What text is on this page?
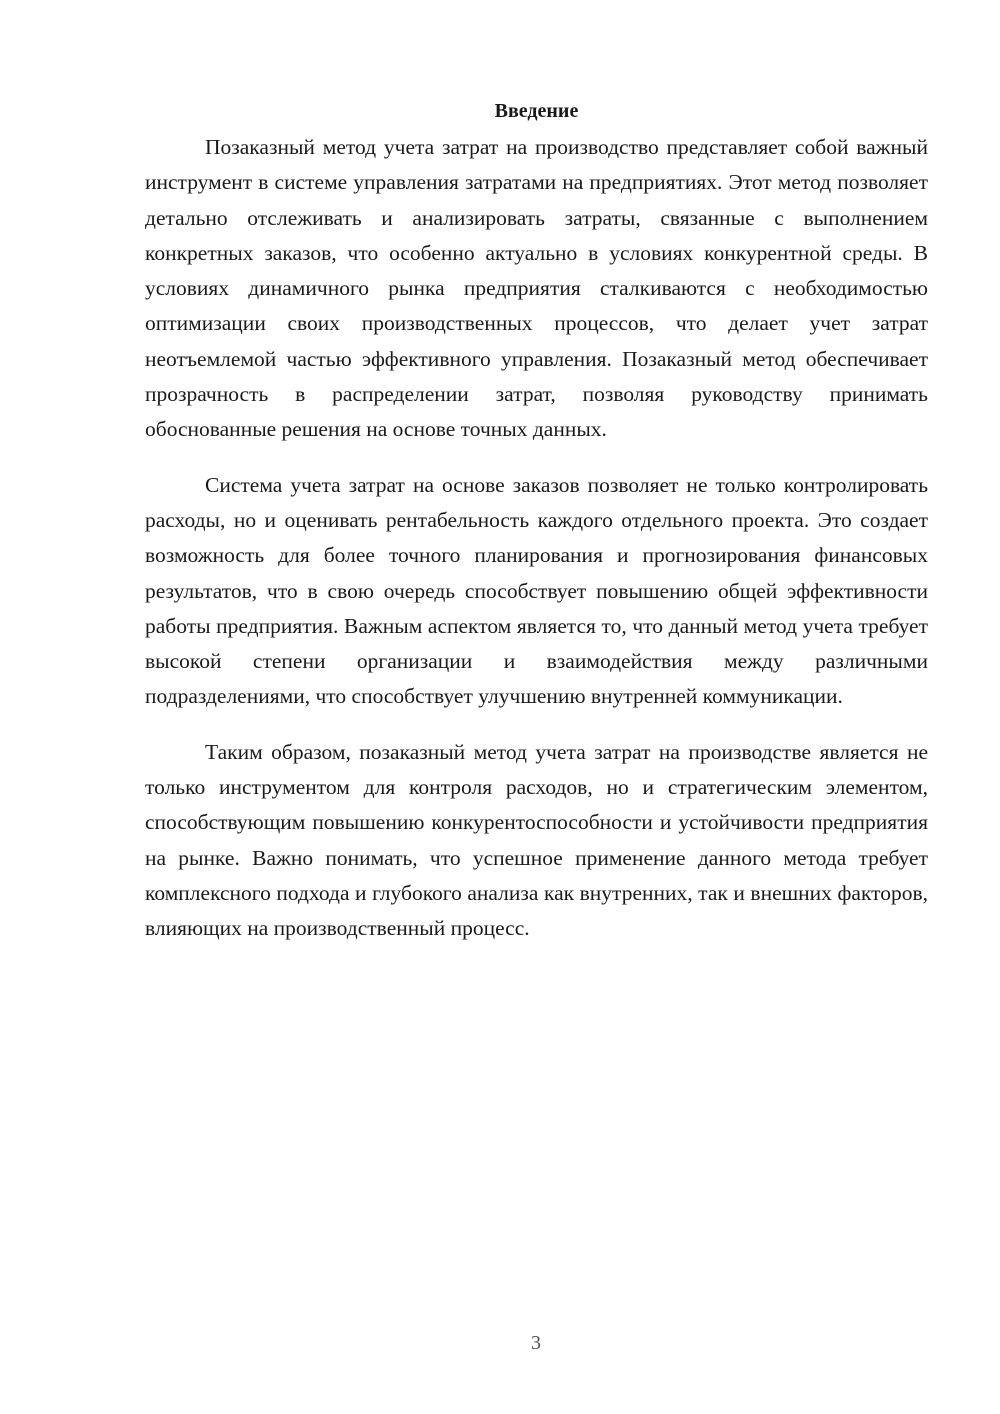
Введение

Позаказный метод учета затрат на производство представляет собой важный инструмент в системе управления затратами на предприятиях. Этот метод позволяет детально отслеживать и анализировать затраты, связанные с выполнением конкретных заказов, что особенно актуально в условиях конкурентной среды. В условиях динамичного рынка предприятия сталкиваются с необходимостью оптимизации своих производственных процессов, что делает учет затрат неотъемлемой частью эффективного управления. Позаказный метод обеспечивает прозрачность в распределении затрат, позволяя руководству принимать обоснованные решения на основе точных данных.

Система учета затрат на основе заказов позволяет не только контролировать расходы, но и оценивать рентабельность каждого отдельного проекта. Это создает возможность для более точного планирования и прогнозирования финансовых результатов, что в свою очередь способствует повышению общей эффективности работы предприятия. Важным аспектом является то, что данный метод учета требует высокой степени организации и взаимодействия между различными подразделениями, что способствует улучшению внутренней коммуникации.

Таким образом, позаказный метод учета затрат на производстве является не только инструментом для контроля расходов, но и стратегическим элементом, способствующим повышению конкурентоспособности и устойчивости предприятия на рынке. Важно понимать, что успешное применение данного метода требует комплексного подхода и глубокого анализа как внутренних, так и внешних факторов, влияющих на производственный процесс.

3
